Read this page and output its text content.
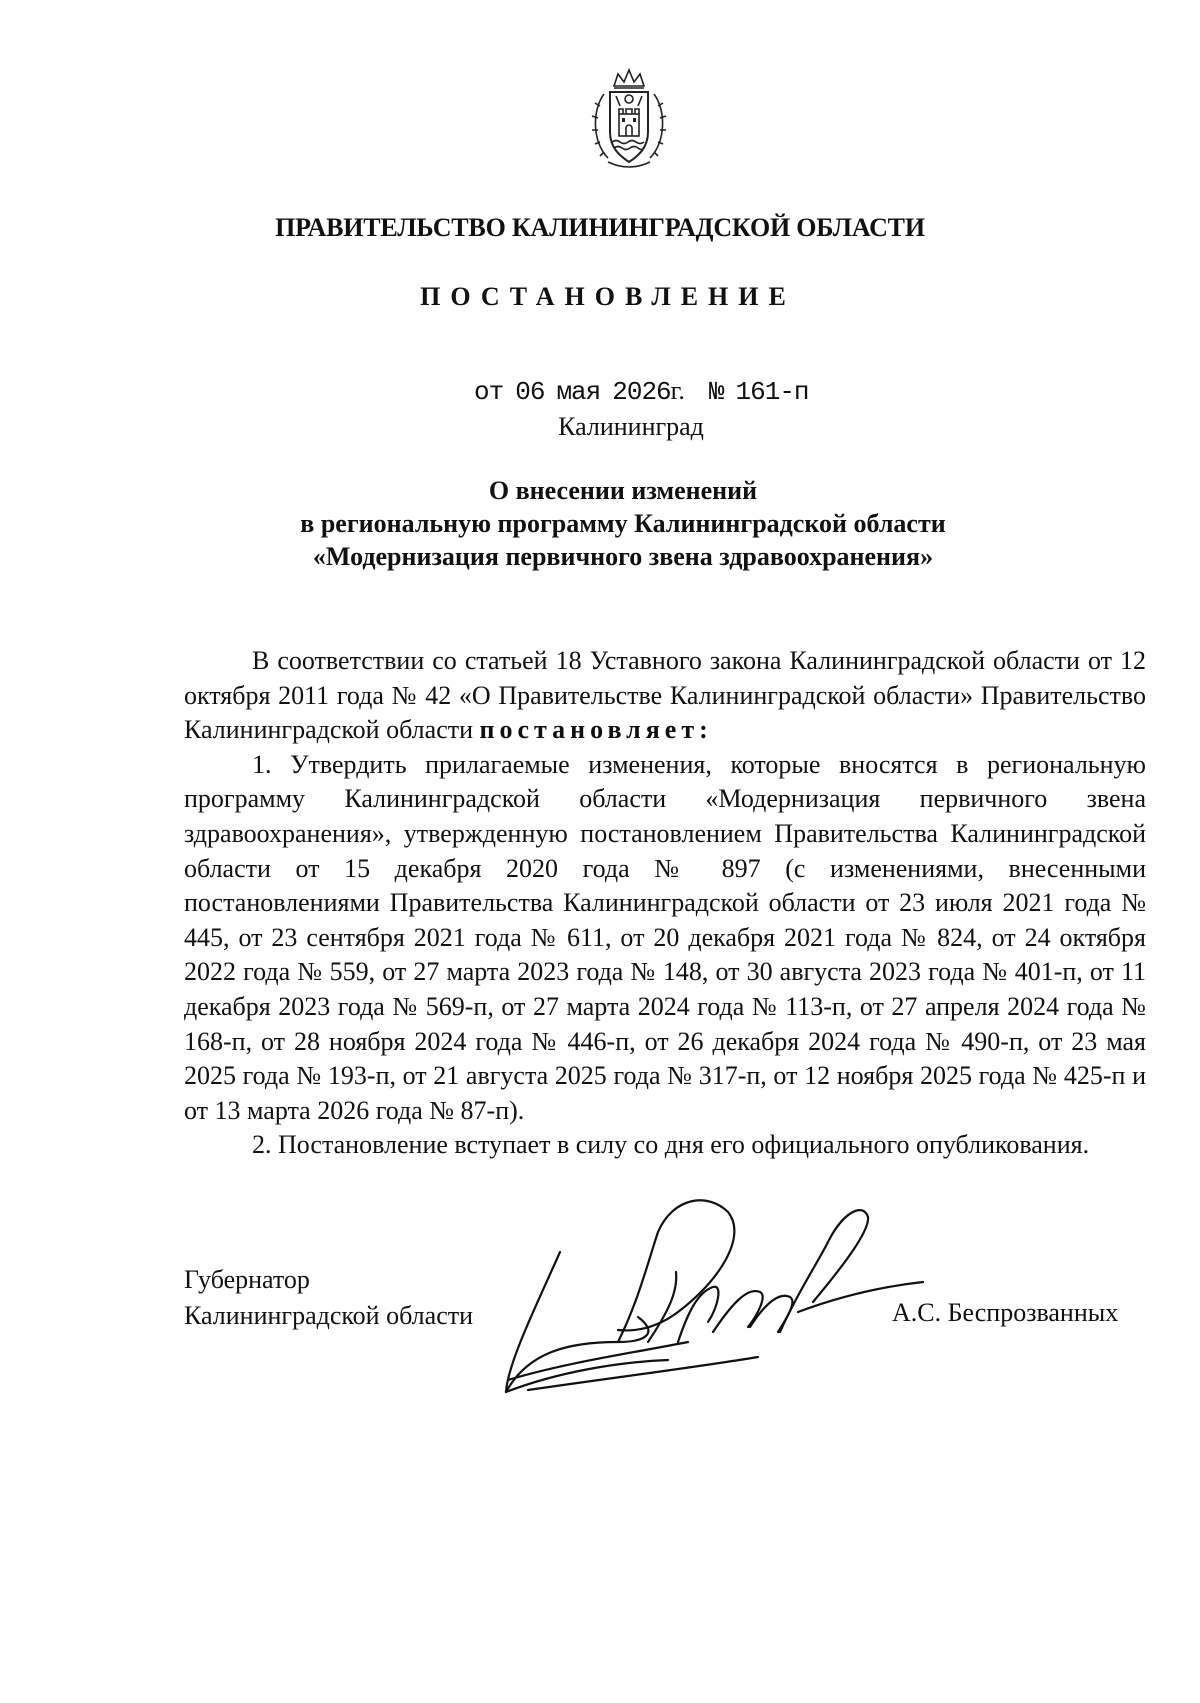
ПРАВИТЕЛЬСТВО КАЛИНИНГРАДСКОЙ ОБЛАСТИ
ПОСТАНОВЛЕНИЕ
от 06 мая 2026г. № 161-п
Калининград
О внесении изменений
в региональную программу Калининградской области
«Модернизация первичного звена здравоохранения»

В соответствии со статьей 18 Уставного закона Калининградской области от 12 октября 2011 года № 42 «О Правительстве Калининградской области» Правительство Калининградской области постановляет:

1. Утвердить прилагаемые изменения, которые вносятся в региональную программу Калининградской области «Модернизация первичного звена здравоохранения», утвержденную постановлением Правительства Калининградской области от 15 декабря 2020 года № 897 (с изменениями, внесенными постановлениями Правительства Калининградской области от 23 июля 2021 года № 445, от 23 сентября 2021 года № 611, от 20 декабря 2021 года № 824, от 24 октября 2022 года № 559, от 27 марта 2023 года № 148, от 30 августа 2023 года № 401-п, от 11 декабря 2023 года № 569-п, от 27 марта 2024 года № 113-п, от 27 апреля 2024 года № 168-п, от 28 ноября 2024 года № 446-п, от 26 декабря 2024 года № 490-п, от 23 мая 2025 года № 193-п, от 21 августа 2025 года № 317-п, от 12 ноября 2025 года № 425-п и от 13 марта 2026 года № 87-п).

2. Постановление вступает в силу со дня его официального опубликования.

Губернатор
Калининградской области	А.С. Беспрозванных
